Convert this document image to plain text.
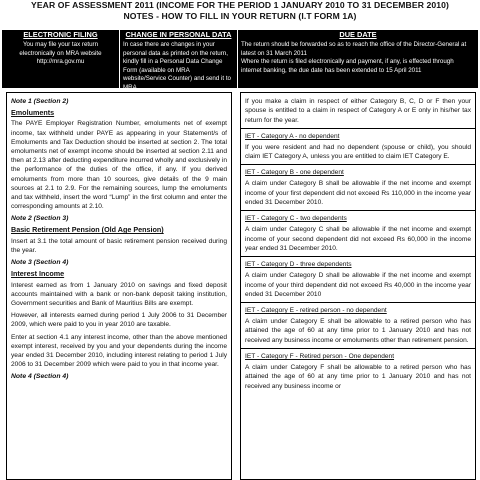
YEAR OF ASSESSMENT 2011 (INCOME FOR THE PERIOD 1 JANUARY 2010 TO 31 DECEMBER 2010)
NOTES - HOW TO FILL IN YOUR RETURN (I.T FORM 1A)
ELECTRONIC FILING

You may file your tax return electronically on MRA website http://mra.gov.mu

CHANGE IN PERSONAL DATA

In case there are changes in your personal data as printed on the return, kindly fill in a Personal Data Change Form (available on MRA website/Service Counter) and send it to MRA

DUE DATE

The return should be forwarded so as to reach the office of the Director-General at latest on 31 March 2011

Where the return is filed electronically and payment, if any, is effected through internet banking, the due date has been extended to 15 April 2011

Note 1 (Section 2)

Emoluments

The PAYE Employer Registration Number, emoluments net of exempt income, tax withheld under PAYE as appearing in your Statement/s of Emoluments and Tax Deduction should be inserted at section 2. The total emoluments net of exempt income should be inserted at section 2.11 and then at 2.13 after deducting expenditure incurred wholly and exclusively in the performance of the duties of the office, if any. If you derived emoluments from more than 10 sources, give details of the 9 main sources at 2.1 to 2.9. For the remaining sources, lump the emoluments and tax withheld, insert the word “Lump” in the first column and enter the corresponding amounts at 2.10.

Note 2 (Section 3)

Basic Retirement Pension (Old Age Pension)

Insert at 3.1 the total amount of basic retirement pension received during the year.

Note 3 (Section 4)

Interest Income

Interest earned as from 1 January 2010 on savings and fixed deposit accounts maintained with a bank or non-bank deposit taking institution, Government securities and Bank of Mauritius Bills are exempt.

However, all interests earned during period 1 July 2006 to 31 December 2009, which were paid to you in year 2010 are taxable.

Enter at section 4.1 any interest income, other than the above mentioned exempt interest, received by you and your dependents during the income year ended 31 December 2010, including interest relating to period 1 July 2006 to 31 December 2009 which were paid to you in that income year.

Note 4 (Section 4)

If you make a claim in respect of either Category B, C, D or F then your spouse is entitled to a claim in respect of Category A or E only in his/her tax return for the year.

IET - Category A - no dependent

If you were resident and had no dependent (spouse or child), you should claim IET Category A, unless you are entitled to claim IET Category E.

IET - Category B - one dependent

A claim under Category B shall be allowable if the net income and exempt income of your first dependent did not exceed Rs 110,000 in the income year ended 31 December 2010.

IET - Category C - two dependents

A claim under Category C shall be allowable if the net income and exempt income of your second dependent did not exceed Rs 60,000 in the income year ended 31 December 2010.

IET - Category D - three dependents

A claim under Category D shall be allowable if the net income and exempt income of your third dependent did not exceed Rs 40,000 in the income year ended 31 December 2010

IET - Category E - retired person - no dependent

A claim under Category E shall be allowable to a retired person who has attained the age of 60 at any time prior to 1 January 2010 and has not received any business income or emoluments other than retirement pension.

IET - Category F - Retired person - One dependent

A claim under Category F shall be allowable to a retired person who has attained the age of 60 at any time prior to 1 January 2010 and has not received any business income or
